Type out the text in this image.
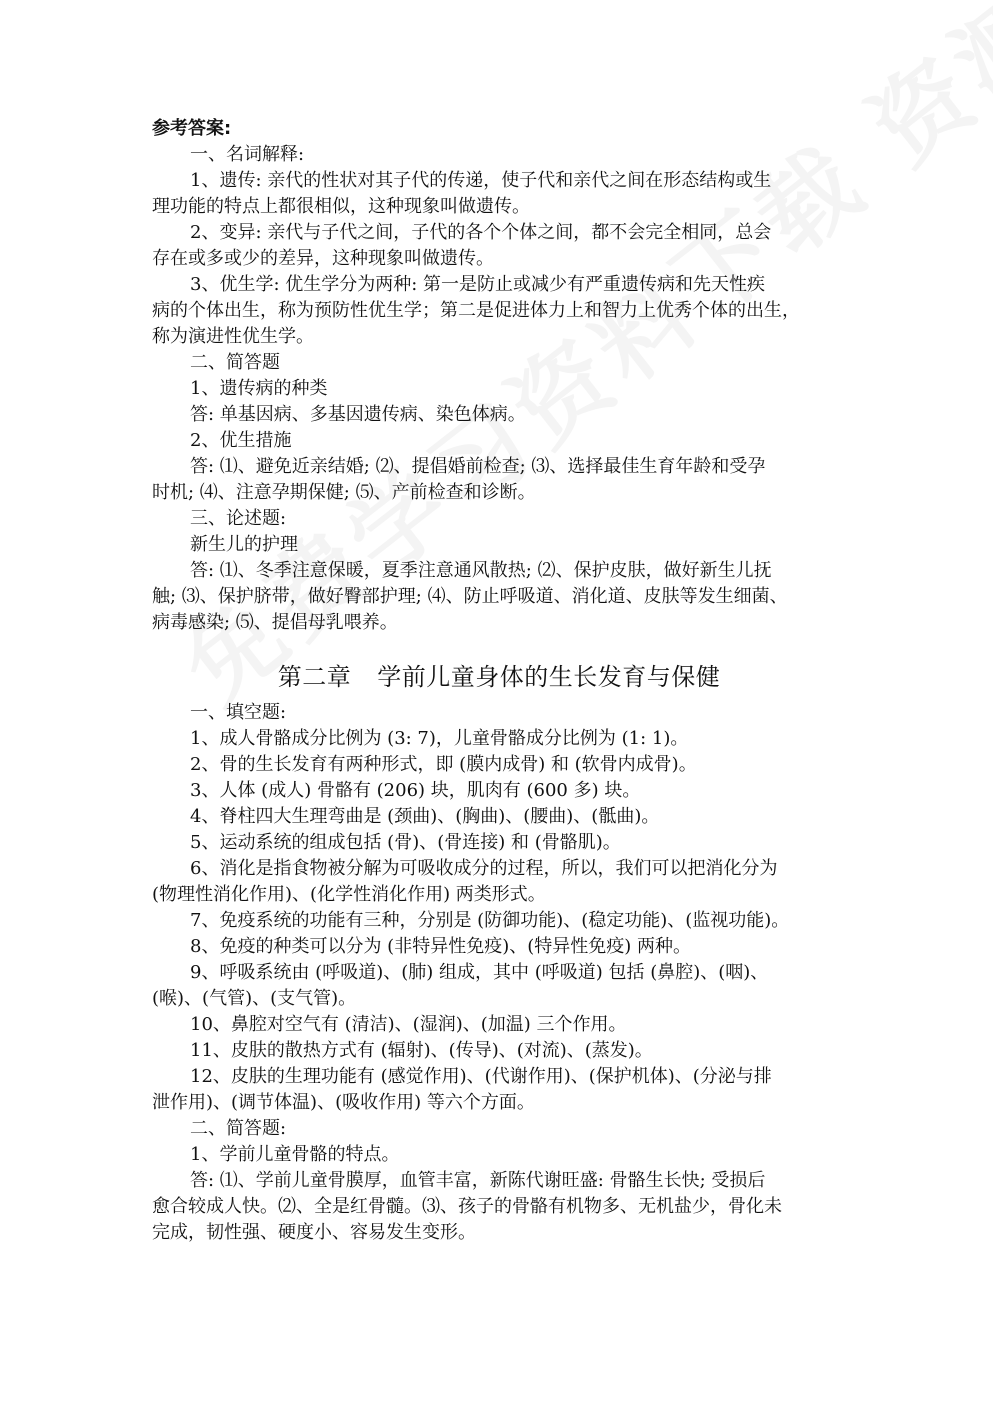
参考答案:
一、名词解释:
1、遗传: 亲代的性状对其子代的传递，使子代和亲代之间在形态结构或生
理功能的特点上都很相似，这种现象叫做遗传。
2、变异: 亲代与子代之间，子代的各个个体之间，都不会完全相同，总会
存在或多或少的差异，这种现象叫做遗传。
3、优生学: 优生学分为两种: 第一是防止或减少有严重遗传病和先天性疾
病的个体出生，称为预防性优生学；第二是促进体力上和智力上优秀个体的出生，
称为演进性优生学。
二、简答题
1、遗传病的种类
答: 单基因病、多基因遗传病、染色体病。
2、优生措施
答: ⑴、避免近亲结婚; ⑵、提倡婚前检查; ⑶、选择最佳生育年龄和受孕
时机; ⑷、注意孕期保健; ⑸、产前检查和诊断。
三、论述题:
新生儿的护理
答: ⑴、冬季注意保暖，夏季注意通风散热; ⑵、保护皮肤，做好新生儿抚
触; ⑶、保护脐带，做好臀部护理; ⑷、防止呼吸道、消化道、皮肤等发生细菌、
病毒感染; ⑸、提倡母乳喂养。
第二章 学前儿童身体的生长发育与保健
一、填空题:
1、成人骨骼成分比例为 (3: 7)，儿童骨骼成分比例为 (1: 1)。
2、骨的生长发育有两种形式，即 (膜内成骨) 和 (软骨内成骨)。
3、人体 (成人) 骨骼有 (206) 块，肌肉有 (600 多) 块。
4、脊柱四大生理弯曲是 (颈曲)、(胸曲)、(腰曲)、(骶曲)。
5、运动系统的组成包括 (骨)、(骨连接) 和 (骨骼肌)。
6、消化是指食物被分解为可吸收成分的过程，所以，我们可以把消化分为
(物理性消化作用)、(化学性消化作用) 两类形式。
7、免疫系统的功能有三种，分别是 (防御功能)、(稳定功能)、(监视功能)。
8、免疫的种类可以分为 (非特异性免疫)、(特异性免疫) 两种。
9、呼吸系统由 (呼吸道)、(肺) 组成，其中 (呼吸道) 包括 (鼻腔)、(咽)、
(喉)、(气管)、(支气管)。
10、鼻腔对空气有 (清洁)、(湿润)、(加温) 三个作用。
11、皮肤的散热方式有 (辐射)、(传导)、(对流)、(蒸发)。
12、皮肤的生理功能有 (感觉作用)、(代谢作用)、(保护机体)、(分泌与排
泄作用)、(调节体温)、(吸收作用) 等六个方面。
二、简答题:
1、学前儿童骨骼的特点。
答: ⑴、学前儿童骨膜厚，血管丰富，新陈代谢旺盛: 骨骼生长快; 受损后
愈合较成人快。⑵、全是红骨髓。⑶、孩子的骨骼有机物多、无机盐少，骨化未
完成，韧性强、硬度小、容易发生变形。
